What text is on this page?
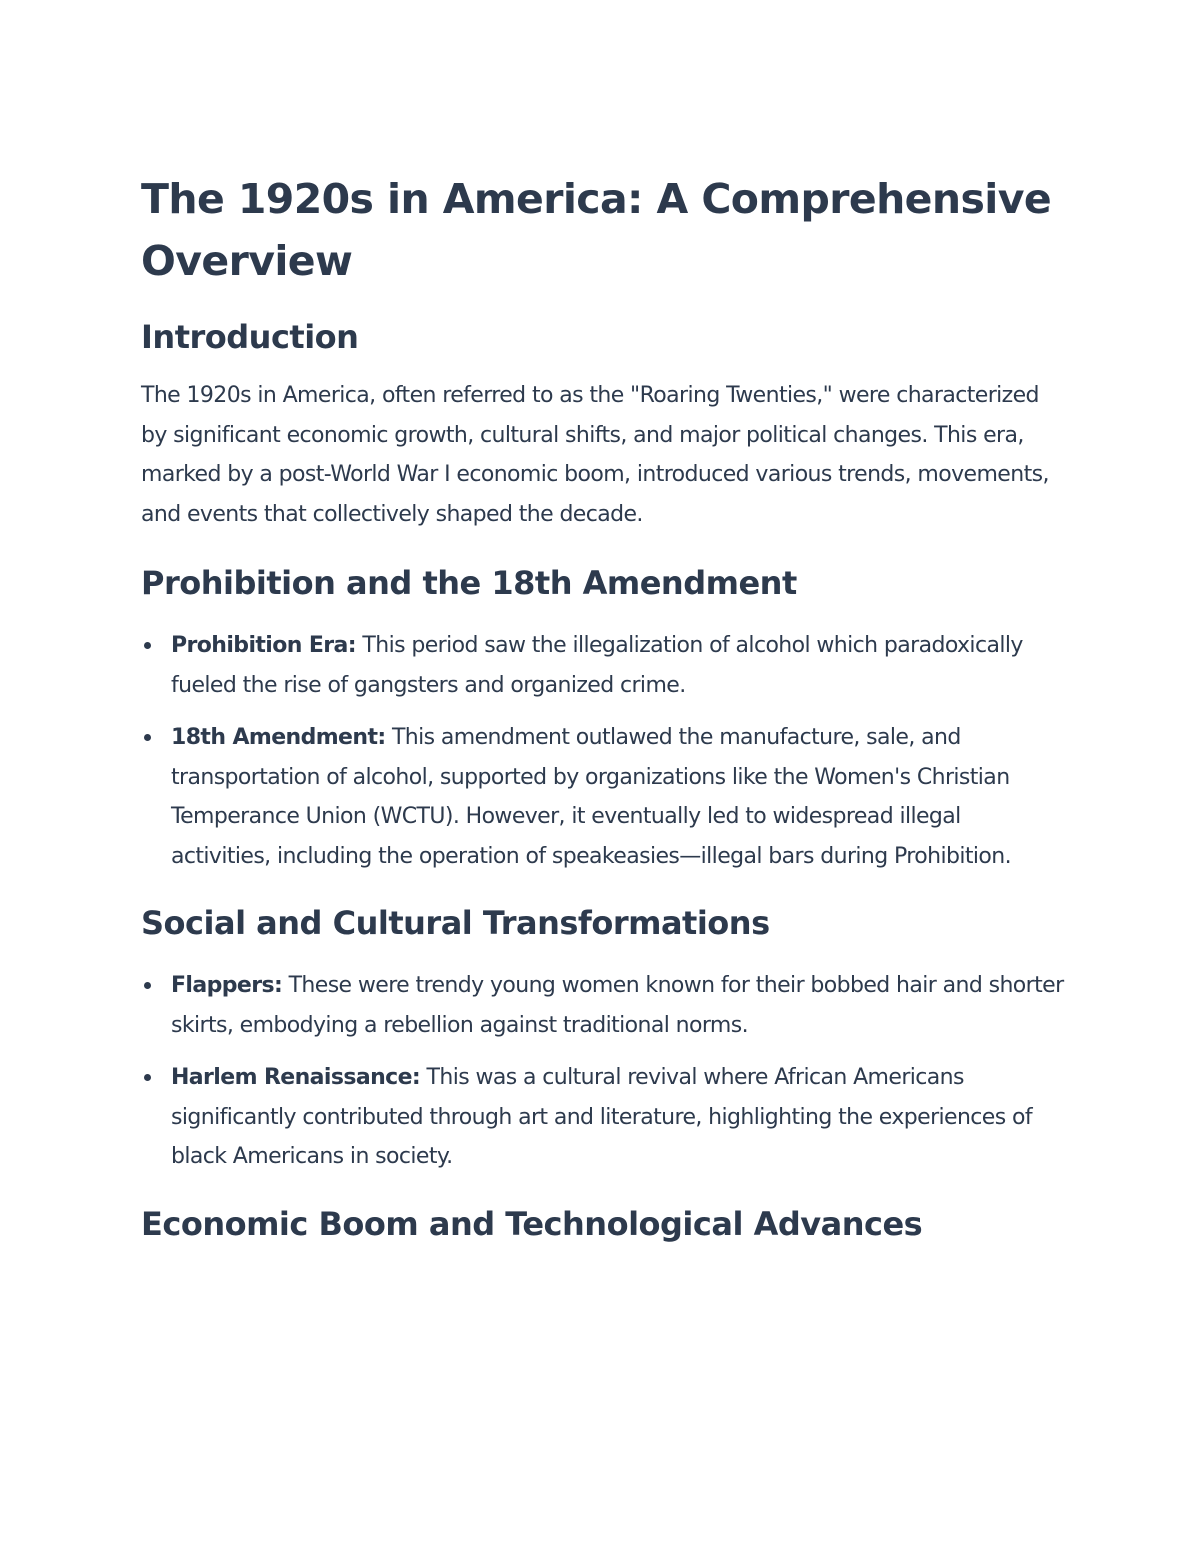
The 1920s in America: A Comprehensive Overview
Introduction

The 1920s in America, often referred to as the "Roaring Twenties," were characterized by significant economic growth, cultural shifts, and major political changes. This era, marked by a post-World War I economic boom, introduced various trends, movements, and events that collectively shaped the decade.

Prohibition and the 18th Amendment
Prohibition Era: This period saw the illegalization of alcohol which paradoxically fueled the rise of gangsters and organized crime.
18th Amendment: This amendment outlawed the manufacture, sale, and transportation of alcohol, supported by organizations like the Women's Christian Temperance Union (WCTU). However, it eventually led to widespread illegal activities, including the operation of speakeasies—illegal bars during Prohibition.
Social and Cultural Transformations
Flappers: These were trendy young women known for their bobbed hair and shorter skirts, embodying a rebellion against traditional norms.
Harlem Renaissance: This was a cultural revival where African Americans significantly contributed through art and literature, highlighting the experiences of black Americans in society.
Economic Boom and Technological Advances
